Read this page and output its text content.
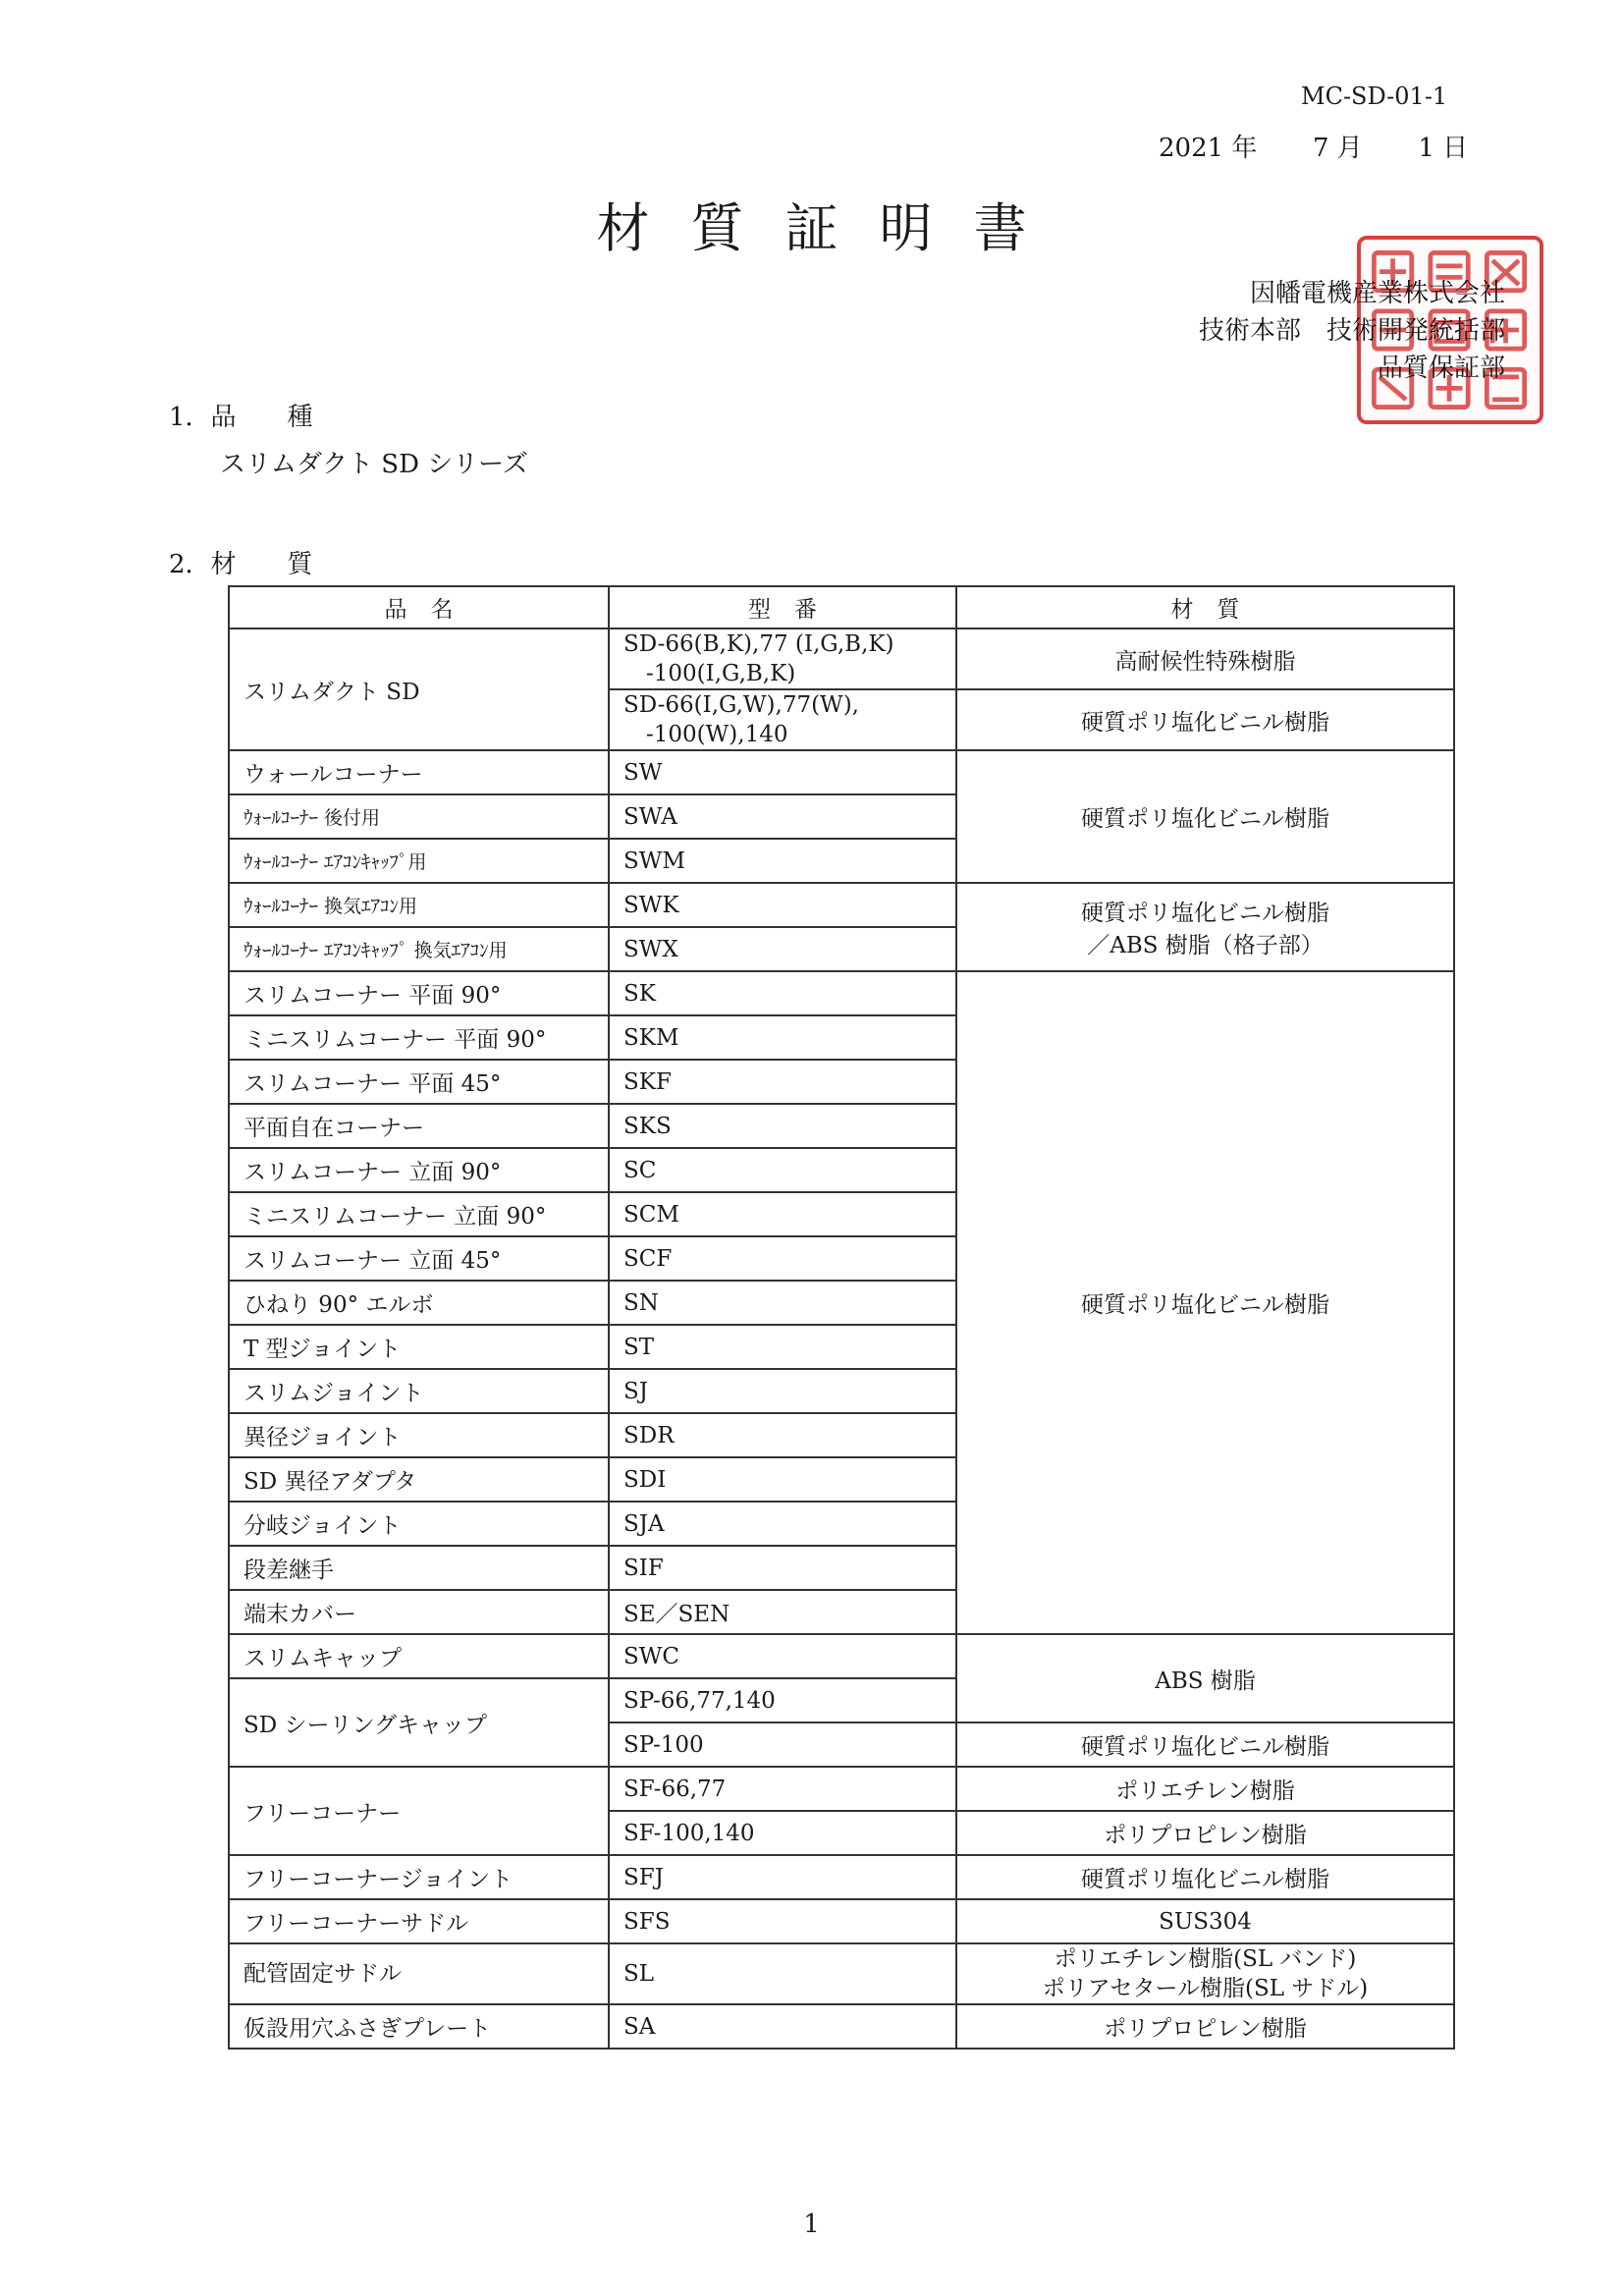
MC-SD-01-1
2021 年 7 月 1 日
材質証明書
因幡電機産業株式会社
技術本部　技術開発統括部
品質保証部
1．品　　種
スリムダクト SD シリーズ
2．材　　質
品名	型番	材質
スリムダクト SD	SD-66(B,K),77 (I,G,B,K)
　-100(I,G,B,K)	高耐候性特殊樹脂
	SD-66(I,G,W),77(W),
　-100(W),140	硬質ポリ塩化ビニル樹脂
ウォールコーナー	SW	硬質ポリ塩化ビニル樹脂
ｳｫｰﾙｺｰﾅｰ 後付用	SWA	
ｳｫｰﾙｺｰﾅｰ ｴｱｺﾝｷｬｯﾌﾟ用	SWM	
ｳｫｰﾙｺｰﾅｰ 換気ｴｱｺﾝ用	SWK	硬質ポリ塩化ビニル樹脂
／ABS 樹脂（格子部）
ｳｫｰﾙｺｰﾅｰ ｴｱｺﾝｷｬｯﾌﾟ 換気ｴｱｺﾝ用	SWX	
スリムコーナー 平面 90°	SK	硬質ポリ塩化ビニル樹脂
ミニスリムコーナー 平面 90°	SKM	
スリムコーナー 平面 45°	SKF	
平面自在コーナー	SKS	
スリムコーナー 立面 90°	SC	
ミニスリムコーナー 立面 90°	SCM	
スリムコーナー 立面 45°	SCF	
ひねり 90° エルボ	SN	
T 型ジョイント	ST	
スリムジョイント	SJ	
異径ジョイント	SDR	
SD 異径アダプタ	SDI	
分岐ジョイント	SJA	
段差継手	SIF	
端末カバー	SE／SEN	
スリムキャップ	SWC	ABS 樹脂
SD シーリングキャップ	SP-66,77,140	
	SP-100	硬質ポリ塩化ビニル樹脂
フリーコーナー	SF-66,77	ポリエチレン樹脂
	SF-100,140	ポリプロピレン樹脂
フリーコーナージョイント	SFJ	硬質ポリ塩化ビニル樹脂
フリーコーナーサドル	SFS	SUS304
配管固定サドル	SL	ポリエチレン樹脂(SL バンド)
ポリアセタール樹脂(SL サドル)
仮設用穴ふさぎプレート	SA	ポリプロピレン樹脂
1
